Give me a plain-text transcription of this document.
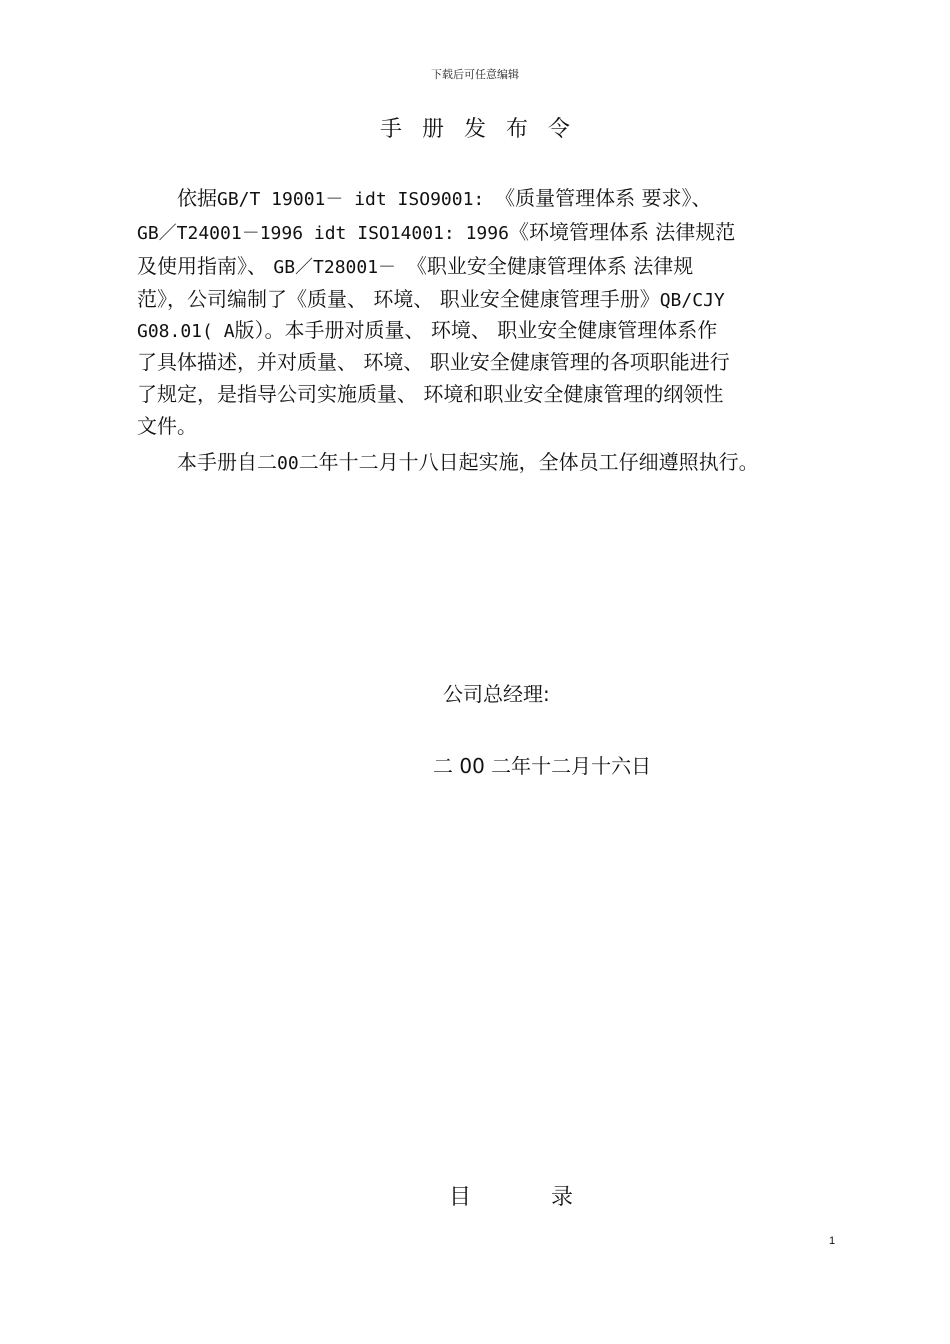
下载后可任意编辑
手册发布令
依据GB/T 19001－ idt ISO9001: 《质量管理体系 要求》、
GB／T24001－1996 idt ISO14001: 1996《环境管理体系 法律规范
及使用指南》、 GB／T28001－ 《职业安全健康管理体系 法律规
范》，公司编制了《质量、 环境、 职业安全健康管理手册》QB/CJY
G08.01( A版）。本手册对质量、 环境、 职业安全健康管理体系作
了具体描述，并对质量、 环境、 职业安全健康管理的各项职能进行
了规定，是指导公司实施质量、 环境和职业安全健康管理的纲领性
文件。
本手册自二00二年十二月十八日起实施，全体员工仔细遵照执行。
公司总经理:
二 00 二年十二月十六日
目录
1
